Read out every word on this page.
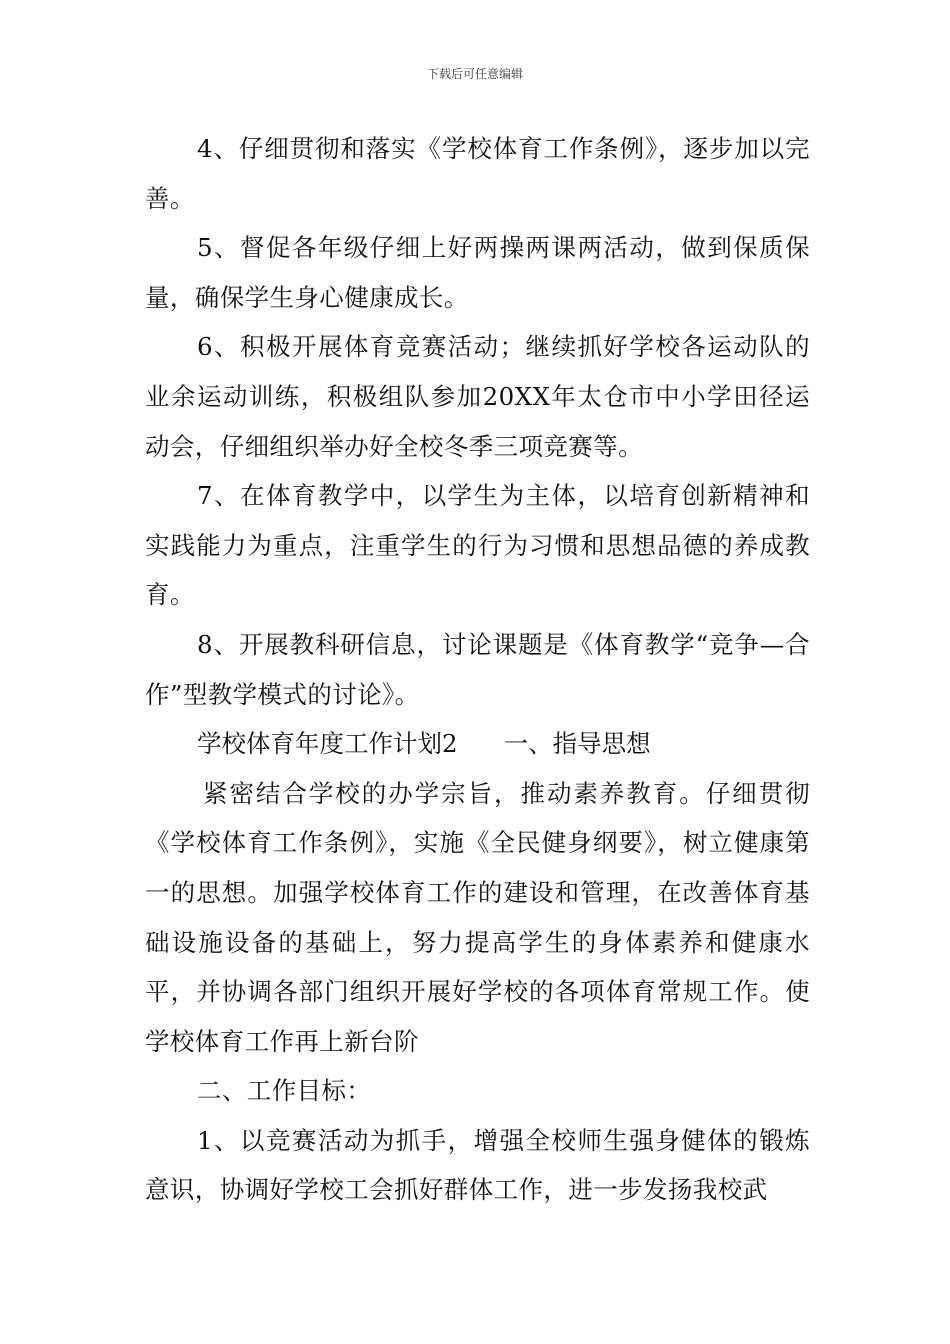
下载后可任意编辑

4、仔细贯彻和落实《学校体育工作条例》，逐步加以完善。

5、督促各年级仔细上好两操两课两活动，做到保质保量，确保学生身心健康成长。

6、积极开展体育竞赛活动；继续抓好学校各运动队的业余运动训练，积极组队参加20XX年太仓市中小学田径运动会，仔细组织举办好全校冬季三项竞赛等。

7、在体育教学中，以学生为主体，以培育创新精神和实践能力为重点，注重学生的行为习惯和思想品德的养成教育。

8、开展教科研信息，讨论课题是《体育教学“竞争—合作”型教学模式的讨论》。

学校体育年度工作计划2 一、指导思想

紧密结合学校的办学宗旨，推动素养教育。仔细贯彻《学校体育工作条例》，实施《全民健身纲要》，树立健康第一的思想。加强学校体育工作的建设和管理，在改善体育基础设施设备的基础上，努力提高学生的身体素养和健康水平，并协调各部门组织开展好学校的各项体育常规工作。使学校体育工作再上新台阶

二、工作目标：

1、以竞赛活动为抓手，增强全校师生强身健体的锻炼意识，协调好学校工会抓好群体工作，进一步发扬我校武
